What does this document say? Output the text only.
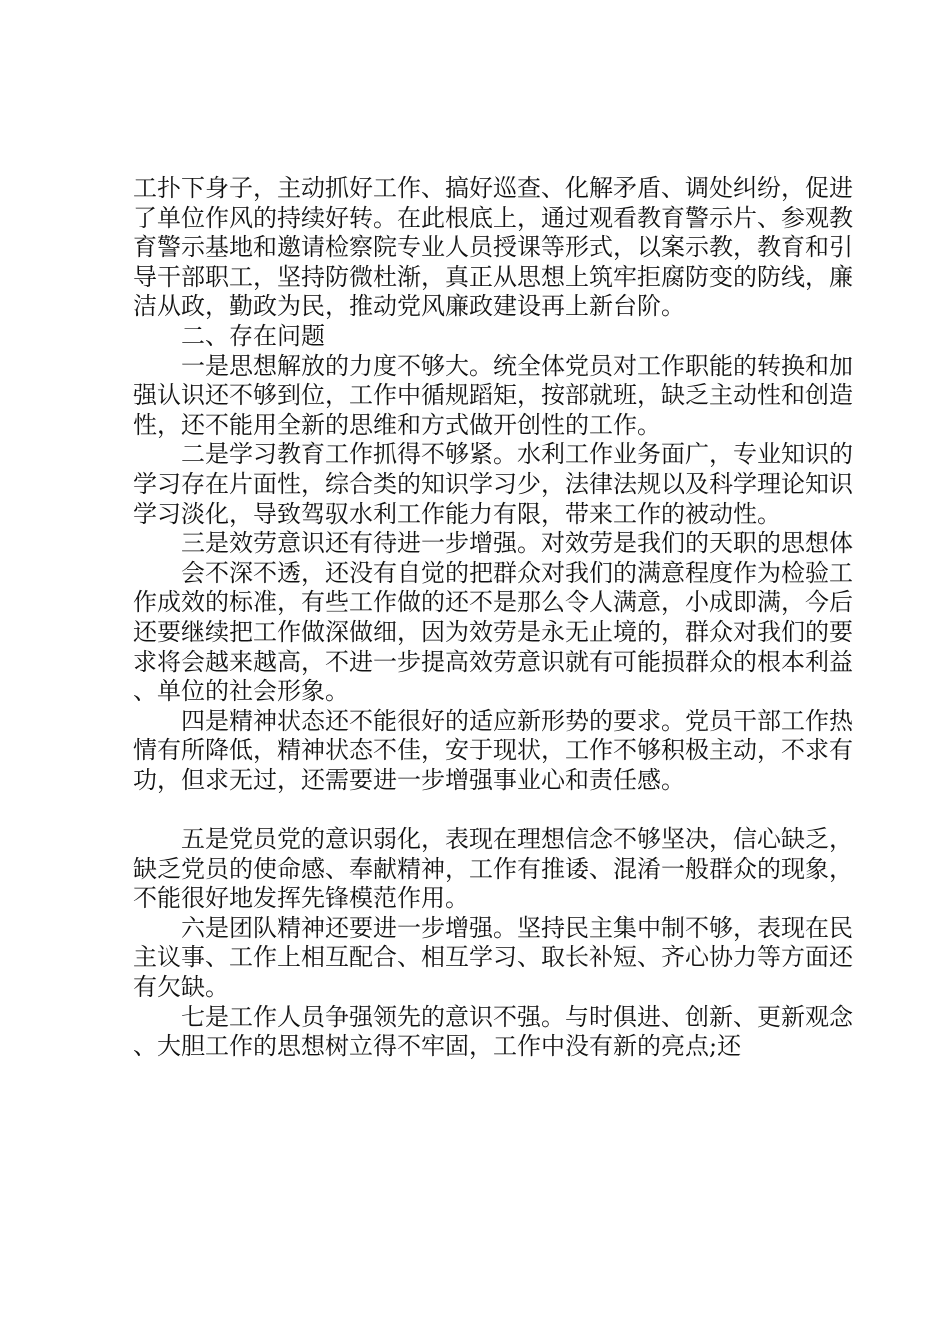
工扑下身子，主动抓好工作、搞好巡查、化解矛盾、调处纠纷，促进了单位作风的持续好转。在此根底上，通过观看教育警示片、参观教育警示基地和邀请检察院专业人员授课等形式，以案示教，教育和引导干部职工，坚持防微杜渐，真正从思想上筑牢拒腐防变的防线，廉洁从政，勤政为民，推动党风廉政建设再上新台阶。

二、存在问题

一是思想解放的力度不够大。统全体党员对工作职能的转换和加强认识还不够到位，工作中循规蹈矩，按部就班，缺乏主动性和创造性，还不能用全新的思维和方式做开创性的工作。

二是学习教育工作抓得不够紧。水利工作业务面广，专业知识的学习存在片面性，综合类的知识学习少，法律法规以及科学理论知识学习淡化，导致驾驭水利工作能力有限，带来工作的被动性。

三是效劳意识还有待进一步增强。对效劳是我们的天职的思想体

会不深不透，还没有自觉的把群众对我们的满意程度作为检验工作成效的标准，有些工作做的还不是那么令人满意，小成即满，今后还要继续把工作做深做细，因为效劳是永无止境的，群众对我们的要求将会越来越高，不进一步提高效劳意识就有可能损群众的根本利益、单位的社会形象。

四是精神状态还不能很好的适应新形势的要求。党员干部工作热情有所降低，精神状态不佳，安于现状，工作不够积极主动，不求有功，但求无过，还需要进一步增强事业心和责任感。

五是党员党的意识弱化，表现在理想信念不够坚决，信心缺乏，缺乏党员的使命感、奉献精神，工作有推诿、混淆一般群众的现象，不能很好地发挥先锋模范作用。

六是团队精神还要进一步增强。坚持民主集中制不够，表现在民主议事、工作上相互配合、相互学习、取长补短、齐心协力等方面还有欠缺。

七是工作人员争强领先的意识不强。与时俱进、创新、更新观念、大胆工作的思想树立得不牢固，工作中没有新的亮点;还
